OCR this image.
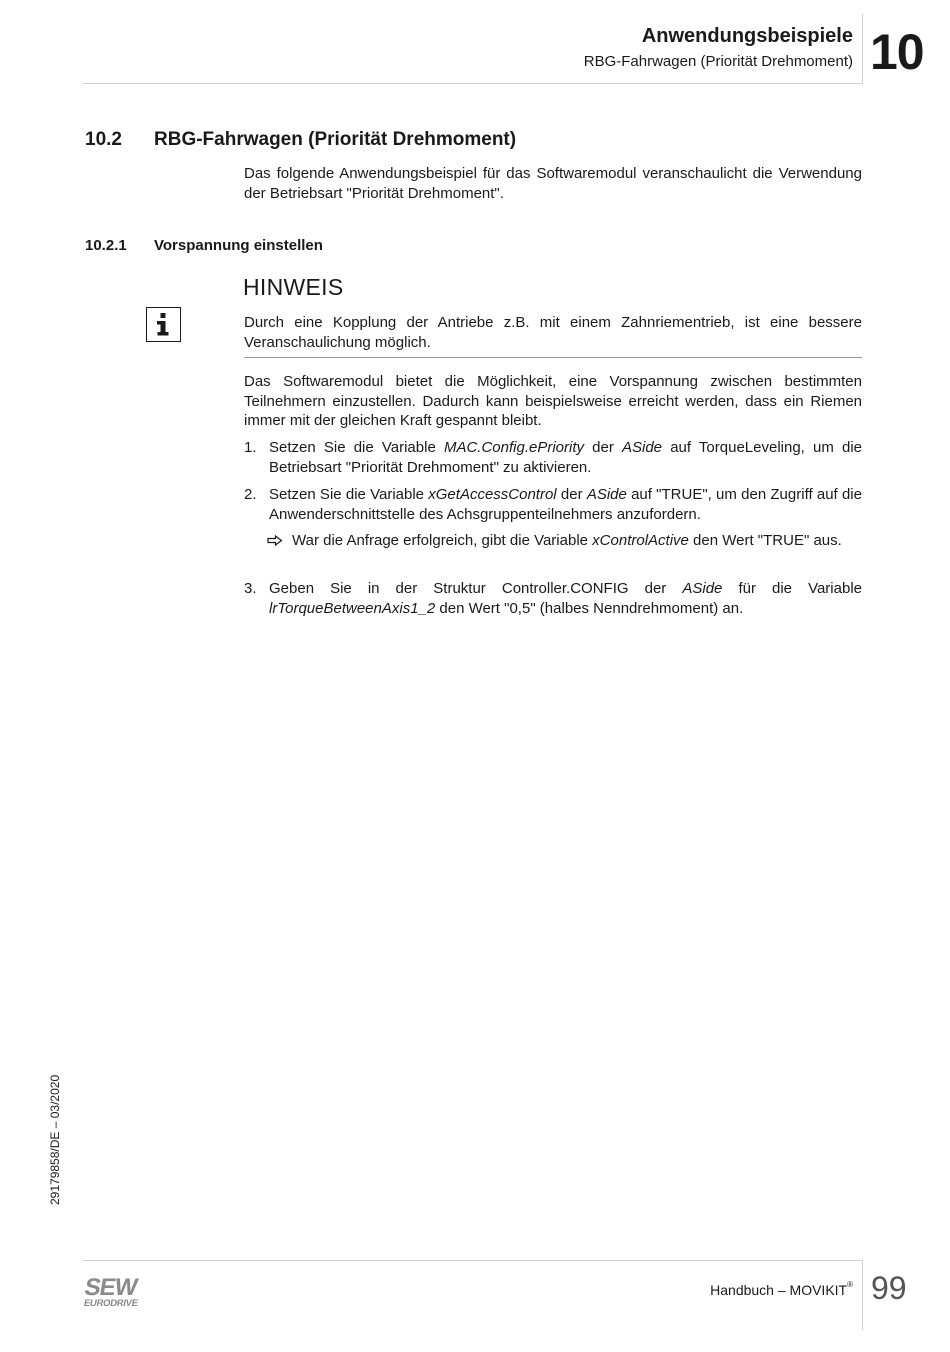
Anwendungsbeispiele
RBG-Fahrwagen (Priorität Drehmoment) 10
10.2 RBG-Fahrwagen (Priorität Drehmoment)
Das folgende Anwendungsbeispiel für das Softwaremodul veranschaulicht die Verwendung der Betriebsart "Priorität Drehmoment".
10.2.1 Vorspannung einstellen
HINWEIS
Durch eine Kopplung der Antriebe z.B. mit einem Zahnriementrieb, ist eine bessere Veranschaulichung möglich.
Das Softwaremodul bietet die Möglichkeit, eine Vorspannung zwischen bestimmten Teilnehmern einzustellen. Dadurch kann beispielsweise erreicht werden, dass ein Riemen immer mit der gleichen Kraft gespannt bleibt.
1. Setzen Sie die Variable MAC.Config.ePriority der ASide auf TorqueLeveling, um die Betriebsart "Priorität Drehmoment" zu aktivieren.
2. Setzen Sie die Variable xGetAccessControl der ASide auf "TRUE", um den Zugriff auf die Anwenderschnittstelle des Achsgruppenteilnehmers anzufordern.
War die Anfrage erfolgreich, gibt die Variable xControlActive den Wert "TRUE" aus.
3. Geben Sie in der Struktur Controller.CONFIG der ASide für die Variable lrTorqueBetweenAxis1_2 den Wert "0,5" (halbes Nenndrehmoment) an.
29179858/DE – 03/2020
SEW
EURODRIVE
Handbuch – MOVIKIT® 99
